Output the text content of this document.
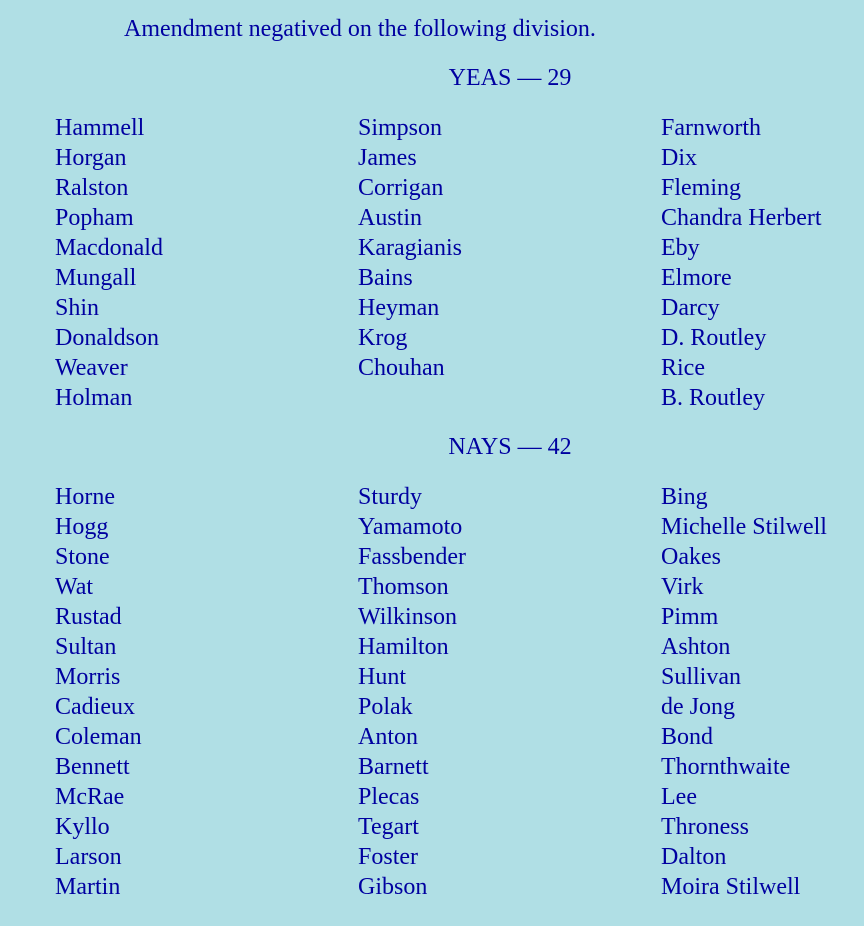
Amendment negatived on the following division.
YEAS — 29
Hammell
Horgan
Ralston
Popham
Macdonald
Mungall
Shin
Donaldson
Weaver
Holman
Simpson
James
Corrigan
Austin
Karagianis
Bains
Heyman
Krog
Chouhan
Farnworth
Dix
Fleming
Chandra Herbert
Eby
Elmore
Darcy
D. Routley
Rice
B. Routley
NAYS — 42
Horne
Hogg
Stone
Wat
Rustad
Sultan
Morris
Cadieux
Coleman
Bennett
McRae
Kyllo
Larson
Martin
Sturdy
Yamamoto
Fassbender
Thomson
Wilkinson
Hamilton
Hunt
Polak
Anton
Barnett
Plecas
Tegart
Foster
Gibson
Bing
Michelle Stilwell
Oakes
Virk
Pimm
Ashton
Sullivan
de Jong
Bond
Thornthwaite
Lee
Throness
Dalton
Moira Stilwell
